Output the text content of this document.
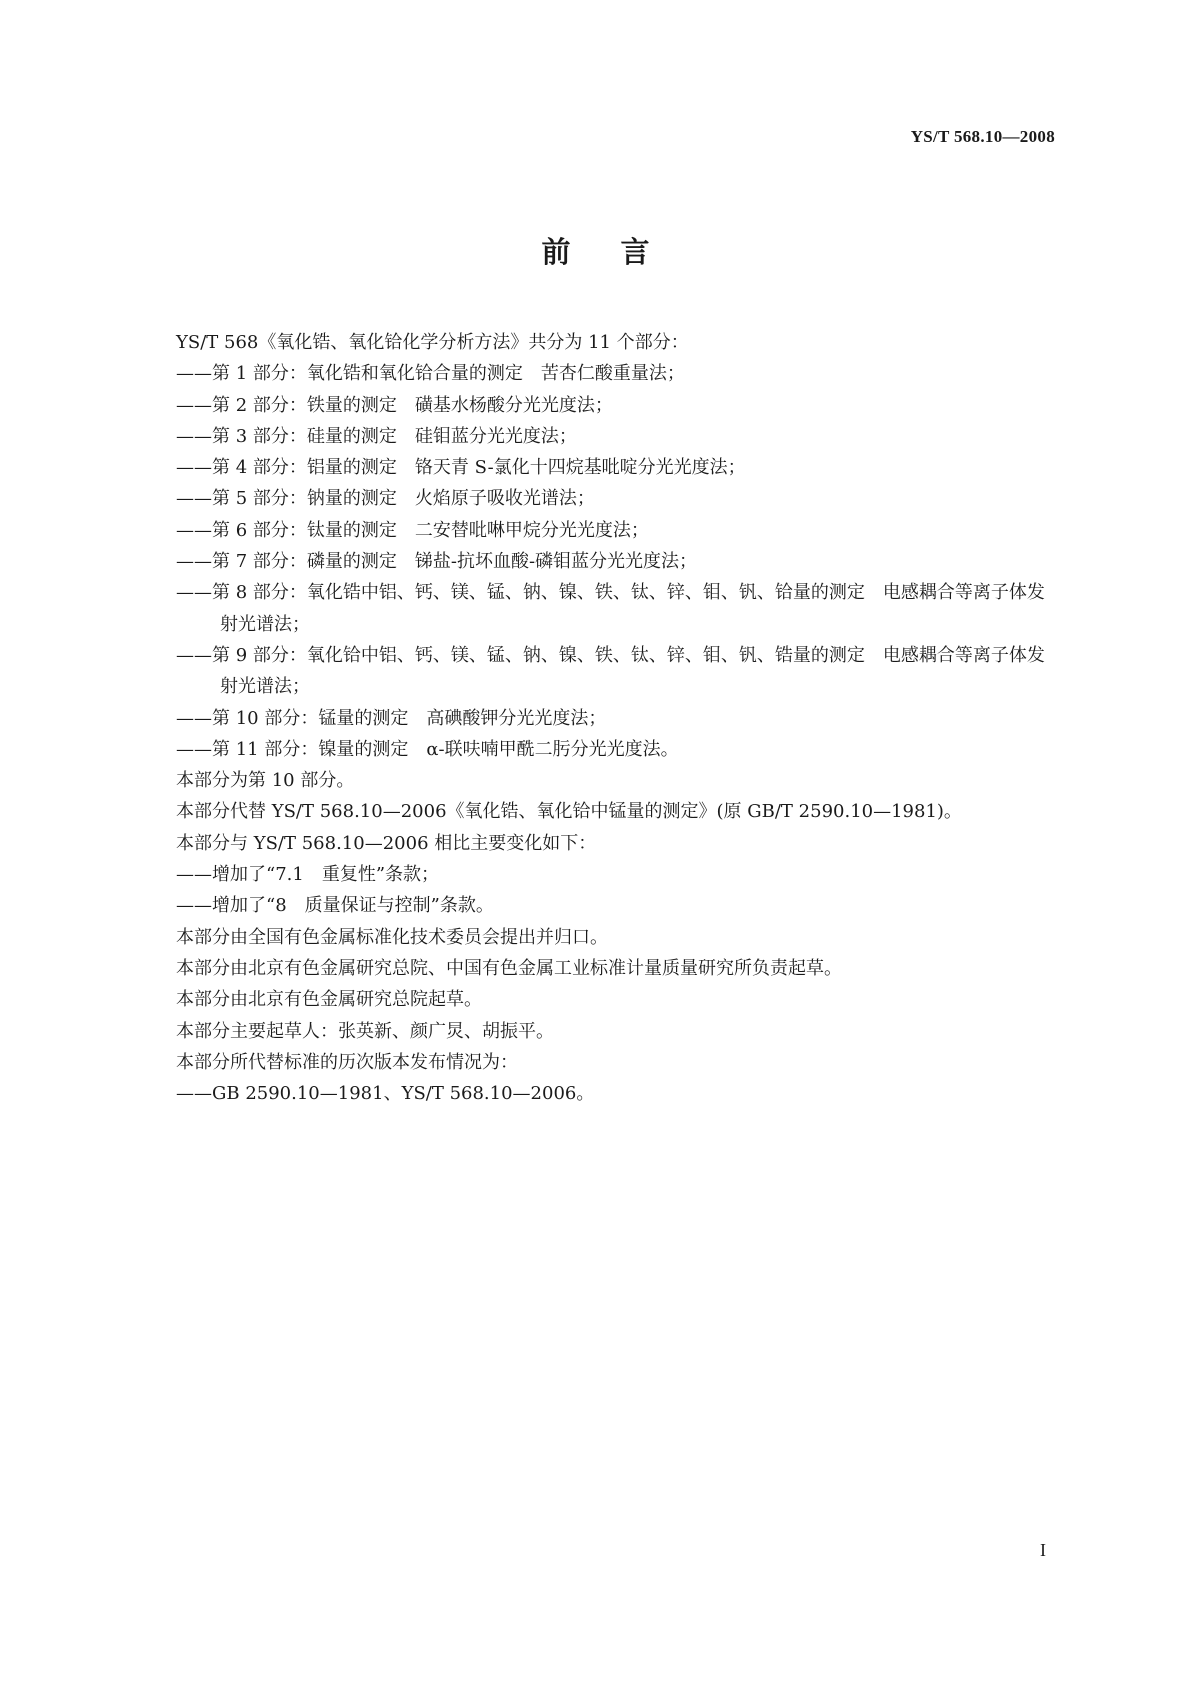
YS/T 568.10—2008
前言
YS/T 568《氧化锆、氧化铪化学分析方法》共分为 11 个部分：
——第 1 部分：氧化锆和氧化铪合量的测定　苦杏仁酸重量法；
——第 2 部分：铁量的测定　磺基水杨酸分光光度法；
——第 3 部分：硅量的测定　硅钼蓝分光光度法；
——第 4 部分：铝量的测定　铬天青 S-氯化十四烷基吡啶分光光度法；
——第 5 部分：钠量的测定　火焰原子吸收光谱法；
——第 6 部分：钛量的测定　二安替吡啉甲烷分光光度法；
——第 7 部分：磷量的测定　锑盐-抗坏血酸-磷钼蓝分光光度法；
——第 8 部分：氧化锆中铝、钙、镁、锰、钠、镍、铁、钛、锌、钼、钒、铪量的测定　电感耦合等离子体发射光谱法；
——第 9 部分：氧化铪中铝、钙、镁、锰、钠、镍、铁、钛、锌、钼、钒、锆量的测定　电感耦合等离子体发射光谱法；
——第 10 部分：锰量的测定　高碘酸钾分光光度法；
——第 11 部分：镍量的测定　α-联呋喃甲酰二肟分光光度法。
本部分为第 10 部分。
本部分代替 YS/T 568.10—2006《氧化锆、氧化铪中锰量的测定》(原 GB/T 2590.10—1981)。
本部分与 YS/T 568.10—2006 相比主要变化如下：
——增加了“7.1　重复性”条款；
——增加了“8　质量保证与控制”条款。
本部分由全国有色金属标准化技术委员会提出并归口。
本部分由北京有色金属研究总院、中国有色金属工业标准计量质量研究所负责起草。
本部分由北京有色金属研究总院起草。
本部分主要起草人：张英新、颜广炅、胡振平。
本部分所代替标准的历次版本发布情况为：
——GB 2590.10—1981、YS/T 568.10—2006。
I
